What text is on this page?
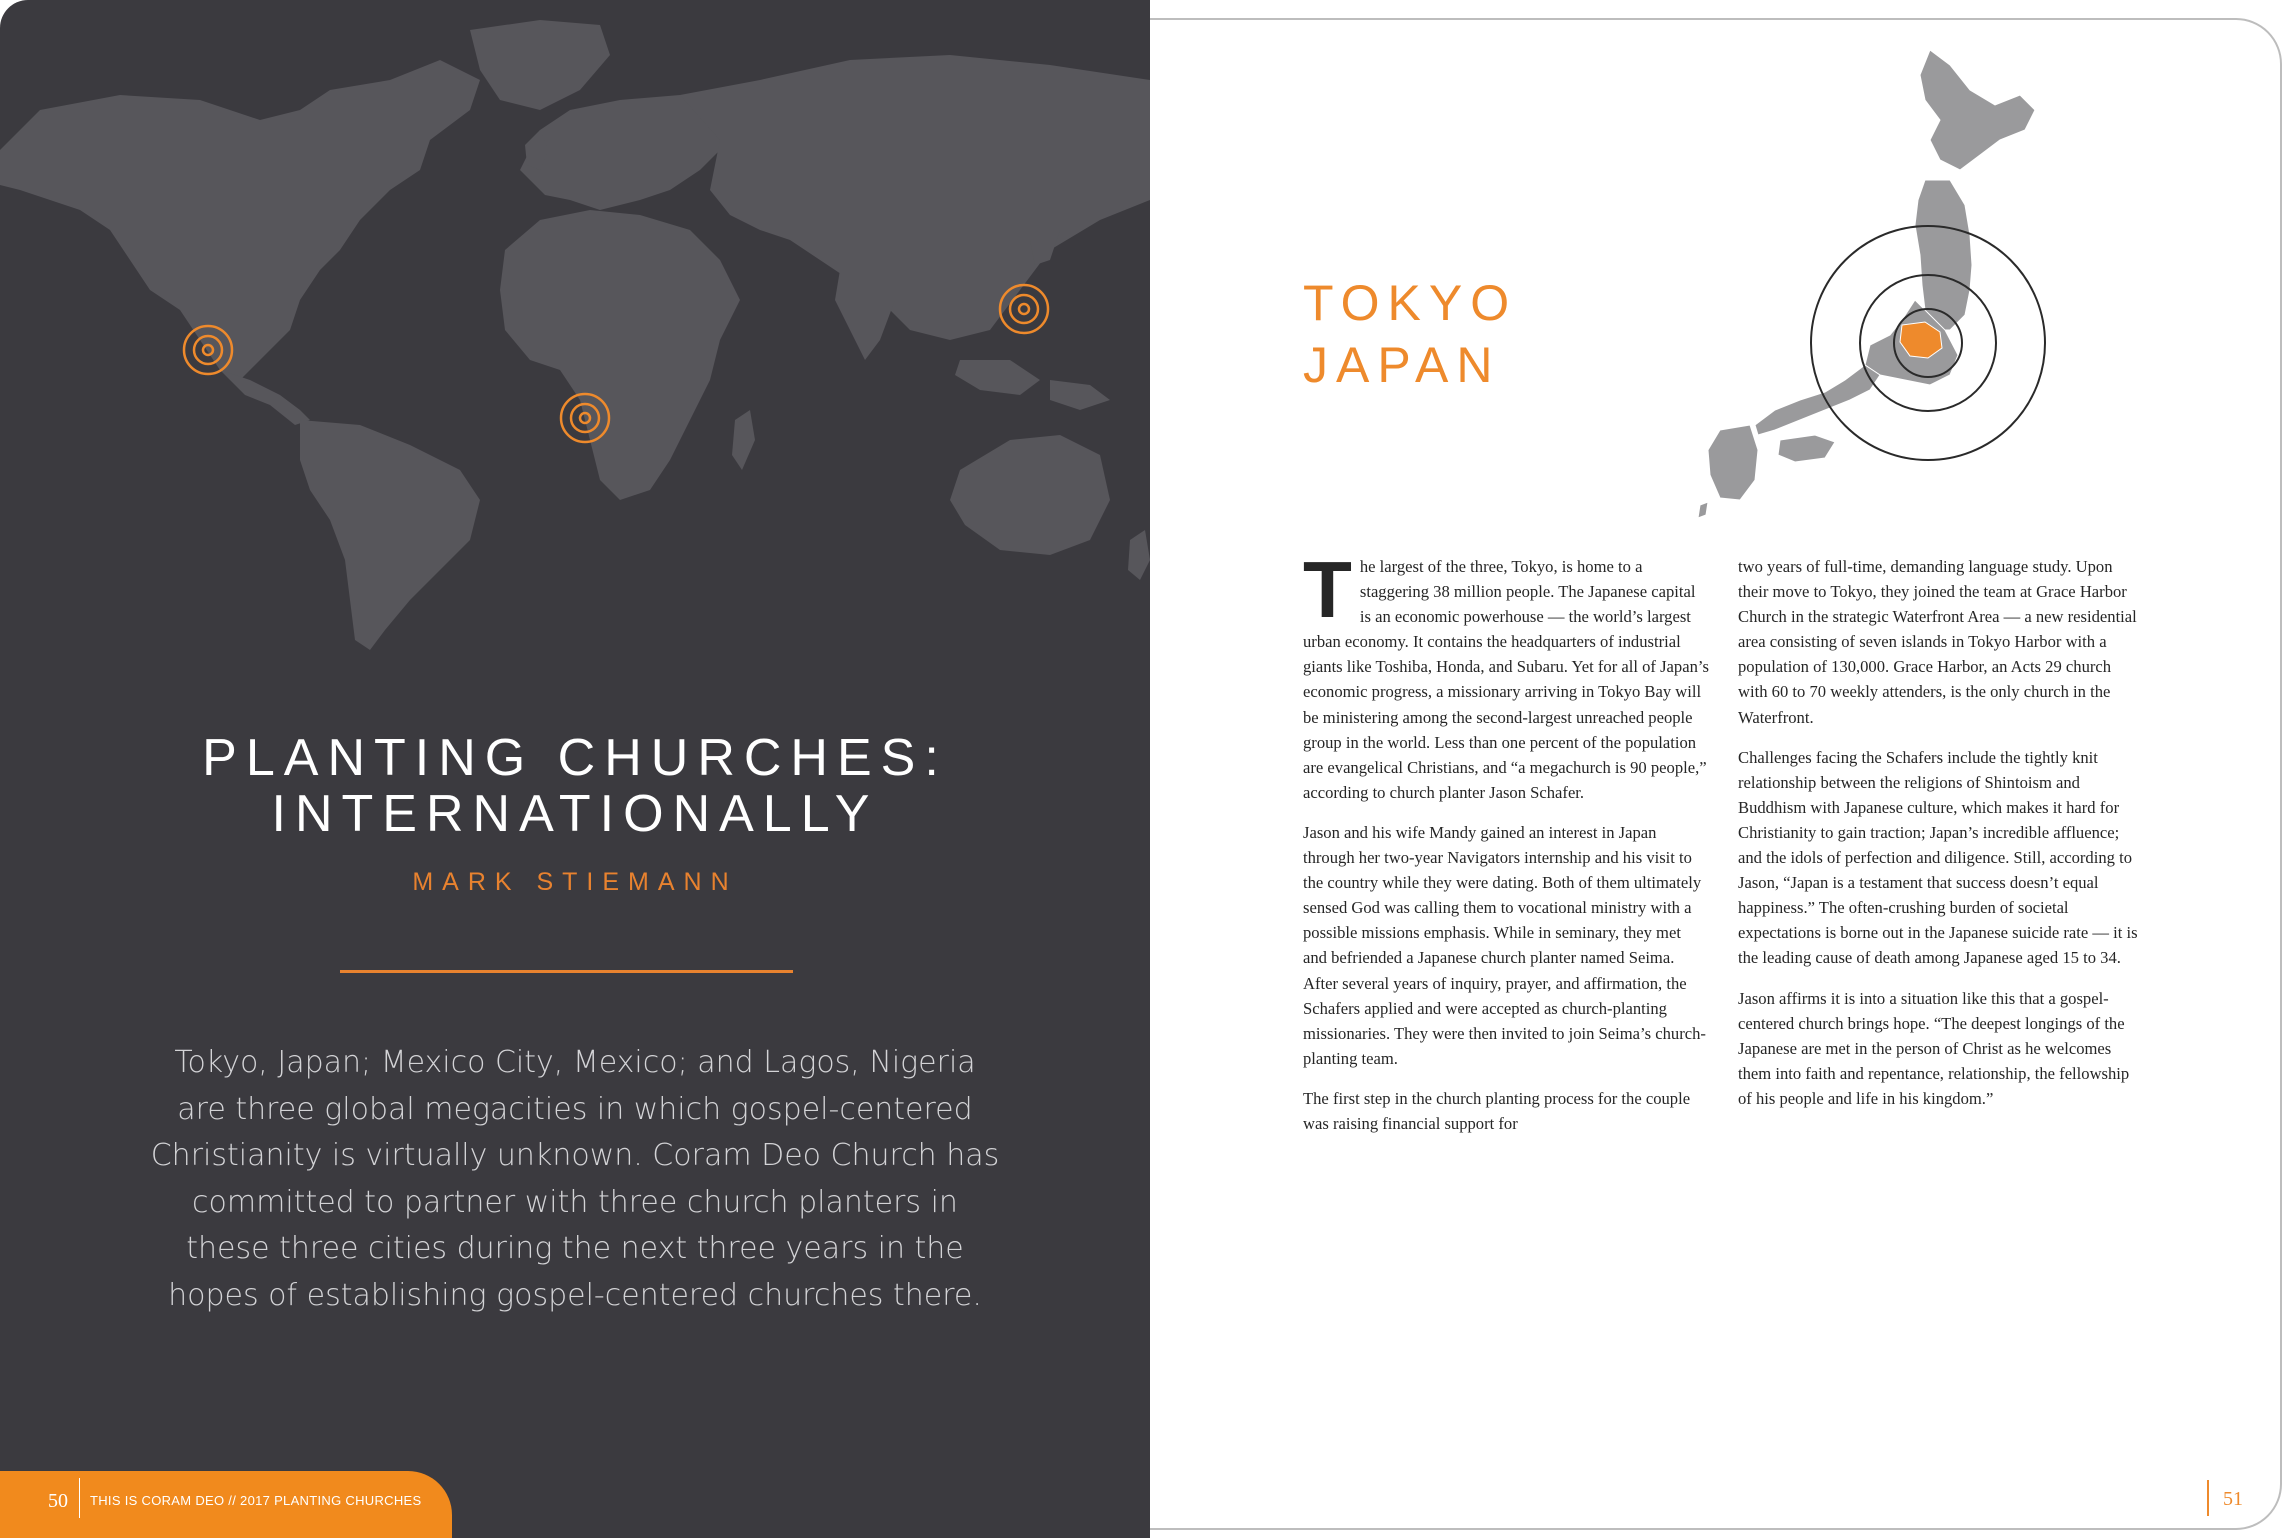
PLANTING CHURCHES:
INTERNATIONALLY
MARK STIEMANN
Tokyo, Japan; Mexico City, Mexico; and Lagos, Nigeria are three global megacities in which gospel-centered Christianity is virtually unknown. Coram Deo Church has committed to partner with three church planters in these three cities during the next three years in the hopes of establishing gospel-centered churches there.
50 THIS IS CORAM DEO // 2017 PLANTING CHURCHES
TOKYO
JAPAN

The largest of the three, Tokyo, is home to a staggering 38 million people. The Japanese capital is an economic powerhouse — the world’s largest urban economy. It contains the headquarters of industrial giants like Toshiba, Honda, and Subaru. Yet for all of Japan’s economic progress, a missionary arriving in Tokyo Bay will be ministering among the second-largest unreached people group in the world. Less than one percent of the population are evangelical Christians, and “a megachurch is 90 people,” according to church planter Jason Schafer.

Jason and his wife Mandy gained an interest in Japan through her two-year Navigators internship and his visit to the country while they were dating. Both of them ultimately sensed God was calling them to vocational ministry with a possible missions emphasis. While in seminary, they met and befriended a Japanese church planter named Seima. After several years of inquiry, prayer, and affirmation, the Schafers applied and were accepted as church-planting missionaries. They were then invited to join Seima’s church-planting team.

The first step in the church planting process for the couple was raising financial support for

two years of full-time, demanding language study. Upon their move to Tokyo, they joined the team at Grace Harbor Church in the strategic Waterfront Area — a new residential area consisting of seven islands in Tokyo Harbor with a population of 130,000. Grace Harbor, an Acts 29 church with 60 to 70 weekly attenders, is the only church in the Waterfront.

Challenges facing the Schafers include the tightly knit relationship between the religions of Shintoism and Buddhism with Japanese culture, which makes it hard for Christianity to gain traction; Japan’s incredible affluence; and the idols of perfection and diligence. Still, according to Jason, “Japan is a testament that success doesn’t equal happiness.” The often-crushing burden of societal expectations is borne out in the Japanese suicide rate — it is the leading cause of death among Japanese aged 15 to 34.

Jason affirms it is into a situation like this that a gospel-centered church brings hope. “The deepest longings of the Japanese are met in the person of Christ as he welcomes them into faith and repentance, relationship, the fellowship of his people and life in his kingdom.”

51
